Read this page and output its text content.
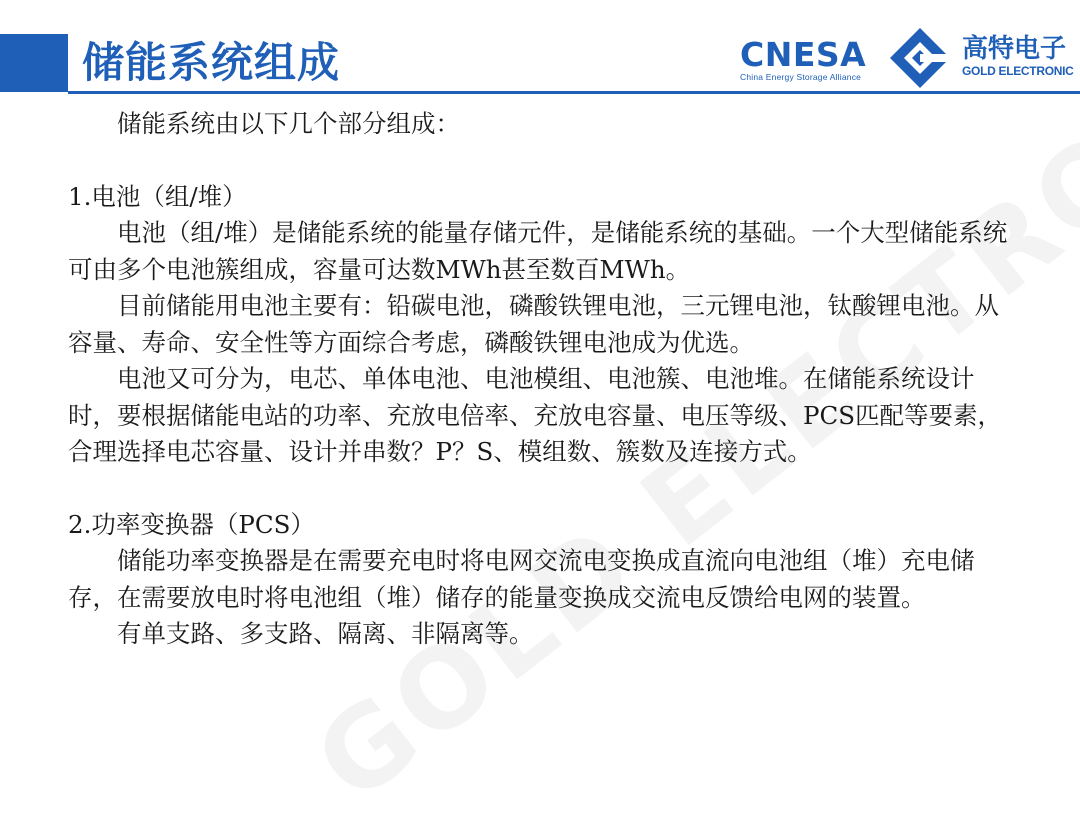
储能系统组成	CNESA
China Energy Storage Alliance
高特电子
GOLD ELECTRONIC

储能系统由以下几个部分组成：

1.电池（组/堆）

电池（组/堆）是储能系统的能量存储元件，是储能系统的基础。一个大型储能系统可由多个电池簇组成，容量可达数MWh甚至数百MWh。

目前储能用电池主要有：铅碳电池，磷酸铁锂电池，三元锂电池，钛酸锂电池。从容量、寿命、安全性等方面综合考虑，磷酸铁锂电池成为优选。

电池又可分为，电芯、单体电池、电池模组、电池簇、电池堆。在储能系统设计时，要根据储能电站的功率、充放电倍率、充放电容量、电压等级、PCS匹配等要素，合理选择电芯容量、设计并串数？P？S、模组数、簇数及连接方式。

2.功率变换器（PCS）

储能功率变换器是在需要充电时将电网交流电变换成直流向电池组（堆）充电储存，在需要放电时将电池组（堆）储存的能量变换成交流电反馈给电网的装置。

有单支路、多支路、隔离、非隔离等。
